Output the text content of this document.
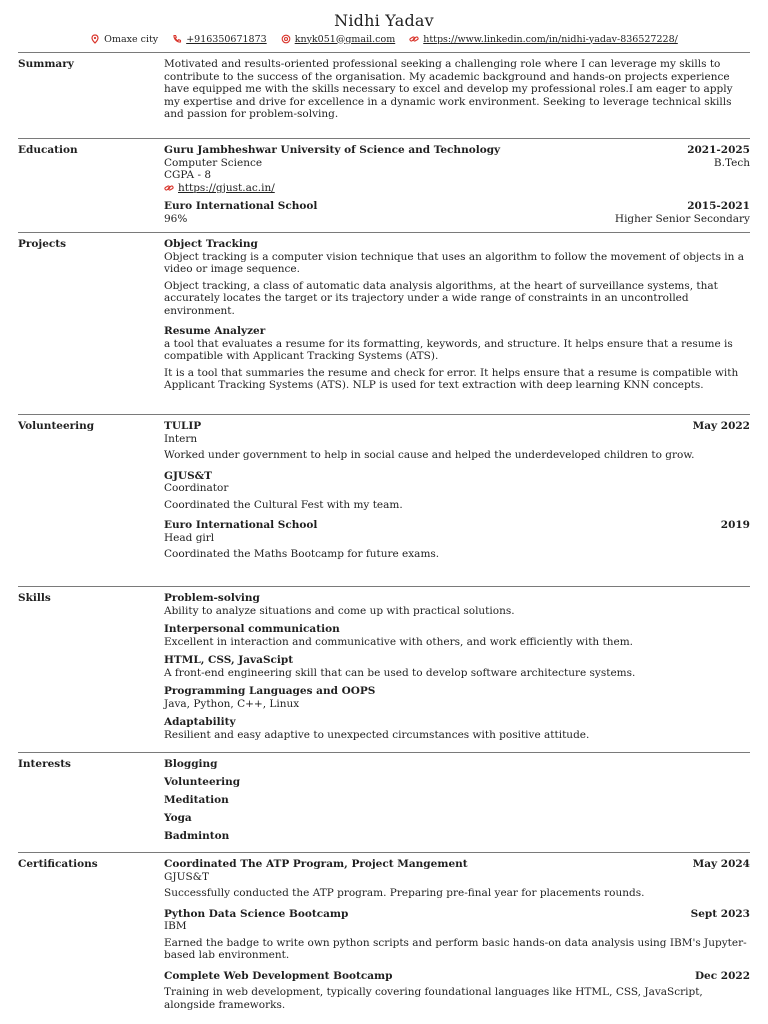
Nidhi Yadav
Omaxe city	+916350671873	knyk051@gmail.com	https://www.linkedin.com/in/nidhi-yadav-836527228/
Summary	Motivated and results-oriented professional seeking a challenging role where I can leverage my skills to contribute to the success of the organisation. My academic background and hands-on projects experience have equipped me with the skills necessary to excel and develop my professional roles.I am eager to apply my expertise and drive for excellence in a dynamic work environment. Seeking to leverage technical skills and passion for problem-solving.

Education	Guru Jambheshwar University of Science and Technology	2021-2025
Computer Science	B.Tech
CGPA - 8
https://gjust.ac.in/
Euro International School	2015-2021
96%	Higher Senior Secondary
Projects	Object Tracking

Object tracking is a computer vision technique that uses an algorithm to follow the movement of objects in a video or image sequence.

Object tracking, a class of automatic data analysis algorithms, at the heart of surveillance systems, that accurately locates the target or its trajectory under a wide range of constraints in an uncontrolled environment.

Resume Analyzer

a tool that evaluates a resume for its formatting, keywords, and structure. It helps ensure that a resume is compatible with Applicant Tracking Systems (ATS).

It is a tool that summaries the resume and check for error. It helps ensure that a resume is compatible with Applicant Tracking Systems (ATS). NLP is used for text extraction with deep learning KNN concepts.

Volunteering	TULIP	May 2022
Intern

Worked under government to help in social cause and helped the underdeveloped children to grow.

GJUS&T
Coordinator

Coordinated the Cultural Fest with my team.

Euro International School	2019
Head girl

Coordinated the Maths Bootcamp for future exams.

Skills	Problem-solving

Ability to analyze situations and come up with practical solutions.

Interpersonal communication

Excellent in interaction and communicative with others, and work efficiently with them.

HTML, CSS, JavaScipt

A front-end engineering skill that can be used to develop software architecture systems.

Programming Languages and OOPS

Java, Python, C++, Linux

Adaptability

Resilient and easy adaptive to unexpected circumstances with positive attitude.

Interests	Blogging
Volunteering
Meditation
Yoga
Badminton
Certifications	Coordinated The ATP Program, Project Mangement	May 2024
GJUS&T

Successfully conducted the ATP program. Preparing pre-final year for placements rounds.

Python Data Science Bootcamp	Sept 2023
IBM

Earned the badge to write own python scripts and perform basic hands-on data analysis using IBM's Jupyter-based lab environment.

Complete Web Development Bootcamp	Dec 2022

Training in web development, typically covering foundational languages like HTML, CSS, JavaScript, alongside frameworks.
